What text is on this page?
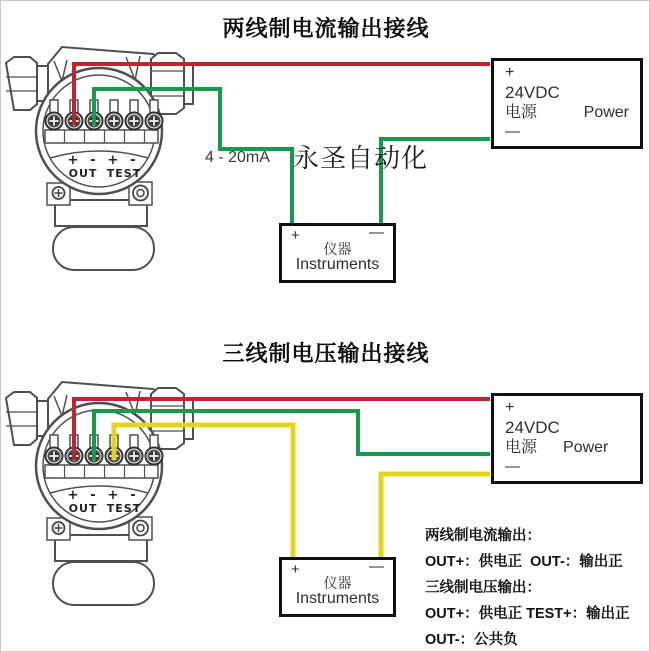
两线制电流输出接线
4 - 20mA 永圣自动化
+
24VDC
电源	Power
—
+	—
仪器
Instruments
三线制电压输出接线
+
24VDC
电源 Power
—
+	—
仪器
Instruments
两线制电流输出：
OUT+：供电正  OUT-：输出正
三线制电压输出：
OUT+：供电正 TEST+：输出正
OUT-：公共负
